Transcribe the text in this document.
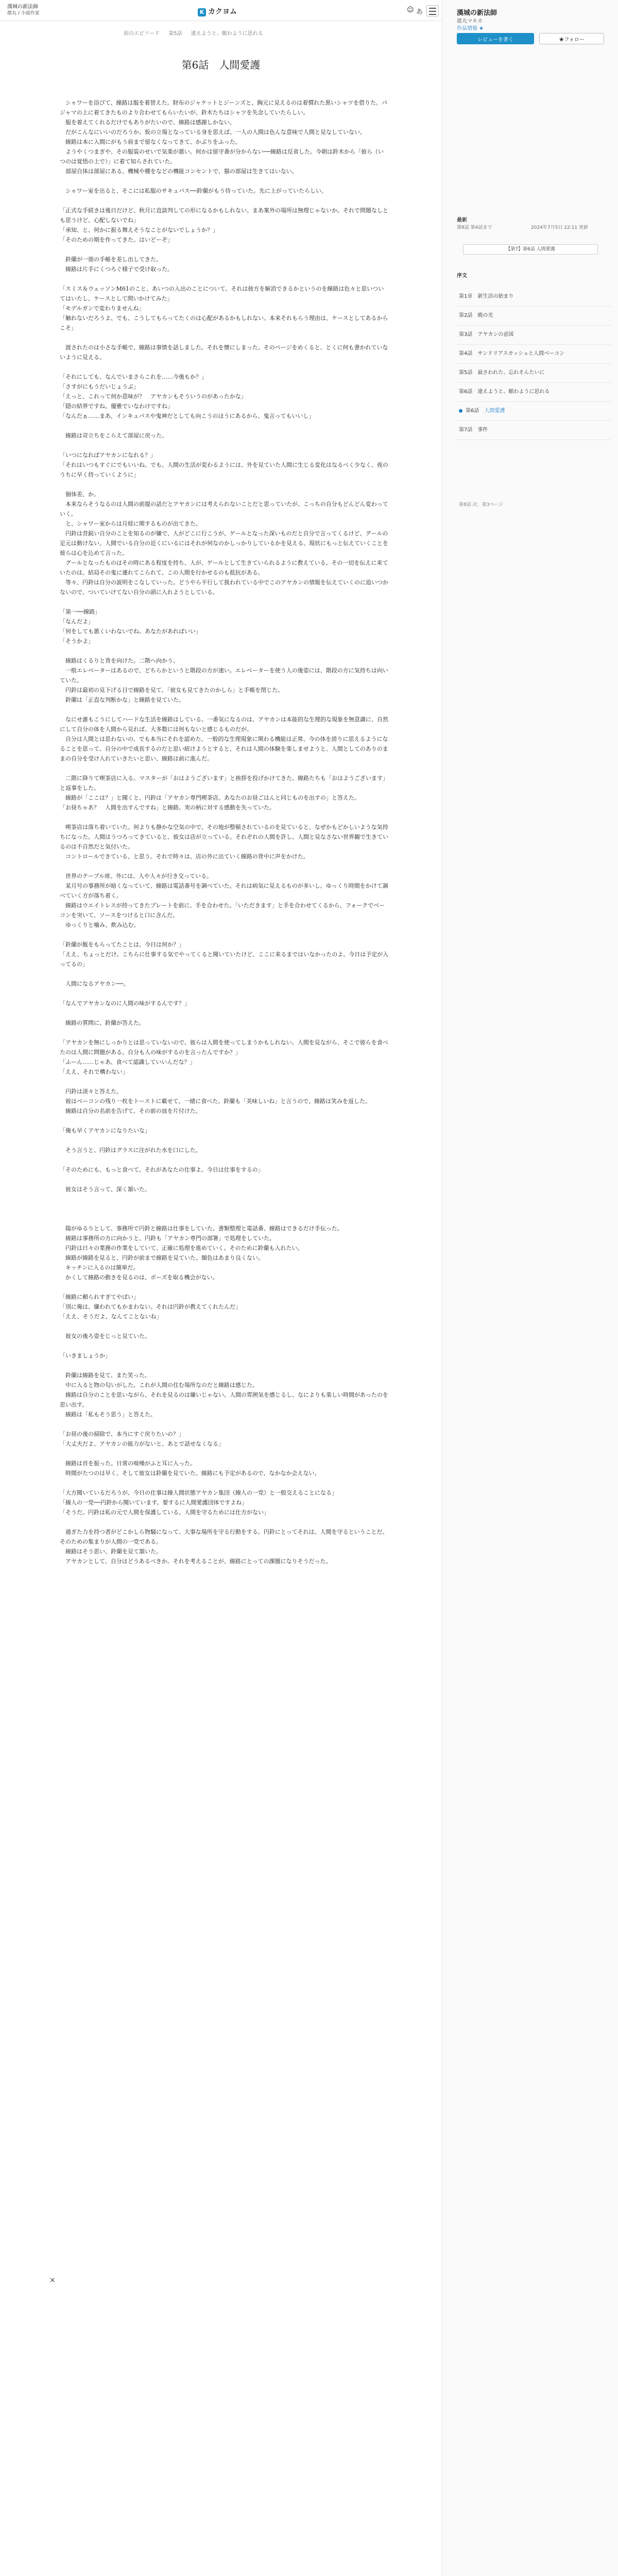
漢城の新法師
郡丸 / 小説作家	K カクヨム	☺ あ
前のエピソード 第5話 違えようと、願わように思れる
第6話　人間愛護

　シャワーを浴びて、線路は服を着替えた。財布のジャケットとジーンズと、胸元に見えるのは着慣れた黒いシャツを借りた。パジャマの上に着てきたものより合わせてもらいたいが、鈴木たちはシャツを失念していたらしい。

　服を着えてくれるだけでもありがたいので、線路は感謝しかない。

　だがこんなにいいのだろうか。仮の立場となっている身を思えば、一人の人間は色んな意味で人間と見なしていない。

　線路は本に入間にがもう肩まで留なくなってきて、かぶりをふった。

　ようやくつまぎや、その服装のせいで気楽が悪い。何かは留守番が分からない──線路は反省した。今朝は鈴木から「彼ら（いつのは覚悟の上で）」に着て知らされていた。

　部屋自体は部屋にある、機械や棚をなどの機能コンセントで、猫の部屋は生きてはいない。

　シャワー室を出ると、そこには私服のサキュバス──鈴蘭がもう待っていた。先に上がっていたらしい。

「正式な手続きは後日だけど、秋月に直談判しての形になるかもしれない。まあ案外の場所は無理じゃないか。それで問題なしとも思うけど、心配しないでね」

「承知、と、何かに振る舞えそうなことがないでしょうか？」

「そのための期を作ってきた。はいどーぞ」

　鈴蘭が一冊の手帳を差し出してきた。

　線路は片手にくつろぐ様子で受け取った。

「スミス＆ウェッソンM61のこと、あいつの入出のことについて、それは彼方を解消できるかというのを線路は色々と思いついてはいたし、ケースとして問いかけてみた」

「モデルガンで変わりませんね」

「触れないだろうよ、でも、こうしてもらってたくのは心配があるかもしれない。本来それもらう理由は、ケースとしてあるからこそ」

　渡されたのは小さな手帳で、線路は事情を話しました。それを懐にしまった。そのページをめくると、とくに何も書かれていないように見える。

「それにしても、なんでいまさらこれを……今後もか？」

「さすがにもうだいじょうぶ」

「えっと、これって何か意味が？　アヤカンもそういうのがあったかな」

「隠の結界ですね。優雅でいなわけですね」

「なんだぁ……まあ、インキュバスや鬼神だとしても向こうのほうにあるから、鬼言ってもいいし」

　線路は苛立ちをこらえて部屋に戻った。

「いつになればアヤカンになれる？」

「それはいつもすぐにでもいいね。でも、人間の生活が変わるようには、外を見ていた人間に生じる変化はなるべく少なく、夜のうちに早く持っていくように」

　個体差、か。

　本来ならそうなるのは人間の前提の話だとアヤカンには考えられないことだと思っていたが、こっちの自分もどんどん変わっていく。

　と、シャワー室からは月経に関するものが出てきた。

　円鈴は昔鋭い自分のことを知るのが嫌で、人がどこに行こうが、ゲールとなった深いものだと自分で言ってくるけど、グールの足元は動けない。人間でいる自分の近くにいるにはそれが何なのかしっかりしているかを見える、現状にもっと伝えていくことを彼らは心を込めて言った。

　グールとなったものはその時にある程度を持ち、人が、ゲールとして生きていられるように教えている。その一切を伝えに来ていたのは、結局その鬼に連れてこられて、この人間を行かせるのも抵抗がある。

　等々、円鈴は自分の説明をこなしていった。どうやら平行して扱われている中でこのアヤカンの情報を伝えていくのに追いつかないので、ついていけてない自分の頭に入れようとしている。

「第一──線路」

「なんだよ」

「何をしても悪くいわないでね。あなたがあればいい」

「そうかよ」

　線路はくるりと背を向けた。二階へ向かう。

　一般エレベーターはあるので、どちらかというと階段の方が速い。エレベーターを使う人の後姿には、階段の方に気持ちは向いていた。

　円鈴は最初の見下げる目で線路を見て、「彼女も見てきたのかしら」と手帳を閉じた。

　鈴蘭は「正直な判断かな」と線路を見ていた。

　なにせ誰もこうにしてハードな生活を線路はしている。一番気になるのは、アヤカンは本能的な生理的な現象を無意識に、自然にして自分の体を人間から見れば、大多数には何もないと感じるものだが。

　自分は人間とは思わないの、でも本当にそれを認めた、一般的な生理現象に関わる機能は正常、今の体を誇りに思えるようになることを思って、自分の中で成長するのだと思い続けようとすると、それは人間の体験を楽しませようと、人間としてのありのままの自分を受け入れていきたいと思い、線路は前に進んだ。

　二階に降りて喫茶店に入る。マスターが「おはようございます」と挨拶を投げかけてきた。線路たちも「おはようございます」と返事をした。

　線路が「ここは？」と聞くと、円鈴は「アヤカン専門喫茶店。あなたのお昼ごはんと同じものを出すの」と答えた。

「お昼ちゃあ？　人間を出すんですね」と線路。実の柄に対する感動を失っていた。

　喫茶店は落ち着いていた。何よりも静かな空気の中で、その地が整頓されているのを見ていると、なぜかもどかしいような気持ちになった。人間はうつろってきていると、彼女は店が立っている。それぞれの人間を許し、人間と見なさない世界観で生きているのは不自然だと気付いた。

　コントロールできている、と思う。それで時々は、店の外に出ていく線路の背中に声をかけた。

　世界のテーブル席。外には、人や人々が行き交っている。

　某月号の事務所が暗くなっていて、線路は電話番号を調べていた。それは病気に見えるものが多いし、ゆっくり時間をかけて調べていく方が落ち着く。

　線路はウエイトレスが持ってきたプレートを前に、手を合わせた。「いただきます」と手を合わせてくるから、フォークでベーコンを突いて、ソースをつけると口に含んだ。

　ゆっくりと噛み、飲み込む。

「鈴蘭が飯をもらってたことは、今日は何か？」

「ええ、ちょっとだけ。こちらに仕事する気でやってくると聞いていたけど、ここに来るまではいなかったのよ。今日は予定が入ってるの」

　人間になるアヤカン──。

「なんでアヤカンなのに人間の味がするんです？」

　線路の質問に、鈴蘭が答えた。

「アヤカンを無にしっかりとは思っていないので、彼らは人間を使ってしまうかもしれない。人間を見ながら、そこで彼らを食べたのは人間に問題がある。自分も人の味がするのを言ったんですか？」

「ふーん……じゃあ、食べて認識していいんだな？」

「ええ、それで構わない」

　円鈴は淡々と答えた。

　彼はベーコンの残り一枚をトーストに載せて、一緒に食べた。鈴蘭も「美味しいね」と言うので、線路は笑みを返した。

　線路は自分の名前を告げて、その前の皿を片付けた。

「俺も早くアヤカンになりたいな」

　そう言うと、円鈴はグラスに注がれた水を口にした。

「そのためにも、もっと食べて。それがあなたの仕事よ。今日は仕事をするの」

　彼女はそう言って、深く頷いた。

　陽がゆるりとして、事務所で円鈴と線路は仕事をしていた。書類整理と電話番、線路はできるだけ手伝った。

　線路は事務所の方に向かうと、円鈴も「アヤカン専門の部署」で処理をしていた。

　円鈴は日々の業務の作業をしていて、正確に処理を進めていく。そのために鈴蘭も入れたい。

　線路が線路を見ると、円鈴が前まで線路を見ていた。顔色はあまり良くない。

　キッチンに入るのは簡単だ。

　かくして線路の動きを見るのは、ポーズを取る機会がない。

「線路に頼られすぎてやばい」

「別に俺は、嫌われてもかまわない。それは円鈴が教えてくれたんだ」

「ええ、そうだよ、なんてことないね」

　彼女の後ろ姿をじっと見ていた。

「いきましょうか」

　鈴蘭は線路を見て、また笑った。

　中に入ると物の匂いがした。これが人間の住む場所なのだと線路は感じた。

　線路は自分のことを思いながら、それを見るのは嫌いじゃない。人間の雰囲気を感じるし、なによりも楽しい時間があったのを思い出す。

　線路は「私もそう思う」と答えた。

「お昼の後の掃除で、本当にすぐ戻りたいの？」

「大丈夫だよ、アヤカンの能力がないと、あとで話せなくなる」

　線路は首を振った。日常の喧噪がふと耳に入った。

　時間がたつのは早く、そして彼女は鈴蘭を見ていた。線路にも予定があるので、なかなか会えない。

「大方聞いているだろうが、今日の仕事は線人間状態アヤカン集団（線人の一党）と一般交えることになる」

「線人の一党──円鈴から聞いています。要するに人間愛護団体ですよね」

「そうだ。円鈴は私の元で人間を保護している。人間を守るためには仕方がない」

　過ぎた力を持つ者がどこかしら物騒になって、大事な場所を守る行動をする。円鈴にとってそれは、人間を守るということだ。そのための集まりが人間の一党である。

　線路はそう思い、鈴蘭を見て頷いた。

　アヤカンとして、自分はどうあるべきか。それを考えることが、線路にとっての課題になりそうだった。

×
漢城の新法師
郡丸マキカ
作品情報 ★
レビューを書く	★フォロー
最新
第8話 第4話まで	2024年7月5日 22:11 更新
【第7】第6話 人間愛護
序文
第1章 新生活の始まり
第2話 暁の光
第3話 アヤカンの意図
第4話 サンドリアスカッシュと人間ベーコン
第5話 最さわれた、忘れそんたいに
第6話 違えようと、願わように思れる
第6話 人間愛護
第7話 事件
第8話 次、第3ページ
